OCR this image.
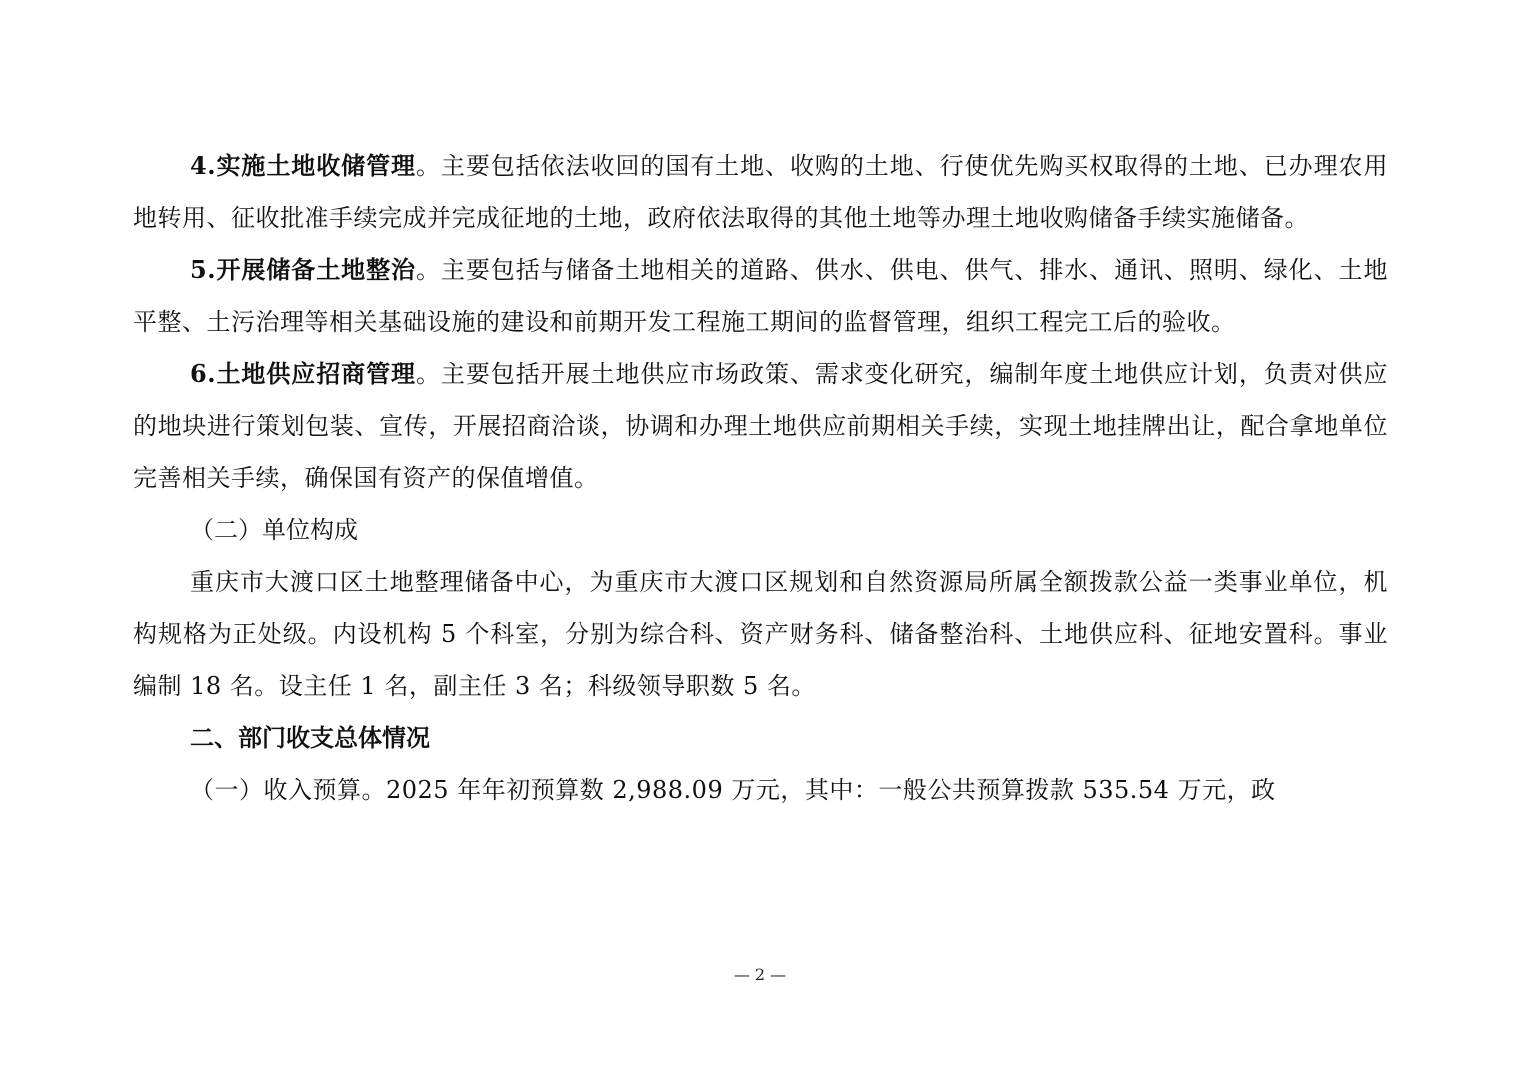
4.实施土地收储管理。主要包括依法收回的国有土地、收购的土地、行使优先购买权取得的土地、已办理农用地转用、征收批准手续完成并完成征地的土地，政府依法取得的其他土地等办理土地收购储备手续实施储备。

5.开展储备土地整治。主要包括与储备土地相关的道路、供水、供电、供气、排水、通讯、照明、绿化、土地平整、土污治理等相关基础设施的建设和前期开发工程施工期间的监督管理，组织工程完工后的验收。

6.土地供应招商管理。主要包括开展土地供应市场政策、需求变化研究，编制年度土地供应计划，负责对供应的地块进行策划包装、宣传，开展招商洽谈，协调和办理土地供应前期相关手续，实现土地挂牌出让，配合拿地单位完善相关手续，确保国有资产的保值增值。

（二）单位构成

重庆市大渡口区土地整理储备中心，为重庆市大渡口区规划和自然资源局所属全额拨款公益一类事业单位，机构规格为正处级。内设机构 5 个科室，分别为综合科、资产财务科、储备整治科、土地供应科、征地安置科。事业编制 18 名。设主任 1 名，副主任 3 名；科级领导职数 5 名。

二、部门收支总体情况

（一）收入预算。2025 年年初预算数 2,988.09 万元，其中：一般公共预算拨款 535.54 万元，政

— 2 —
